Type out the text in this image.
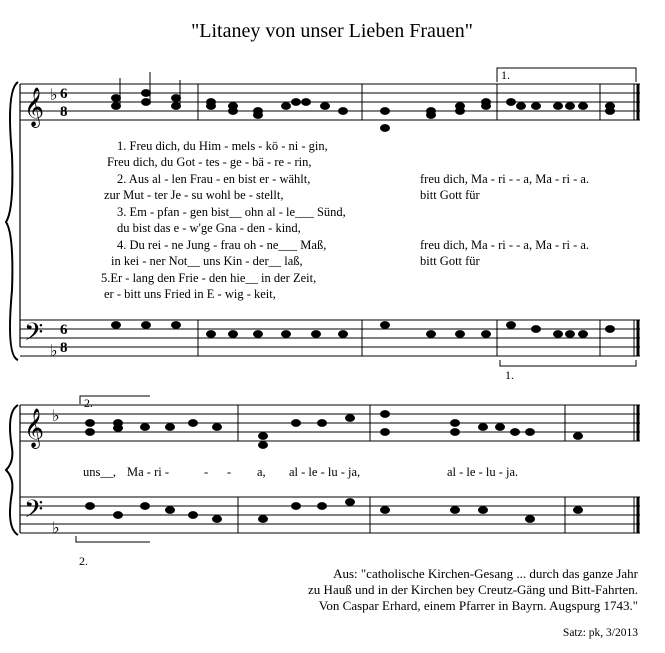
"Litaney von unser Lieben Frauen"
𝄞 ♭ 6
8
1.
1. Freu dich, du Him - mels - kö - ni - gin,
Freu dich, du Got - tes - ge - bä - re - rin,
2. Aus al - len Frau - en bist er - wählt,	freu dich, Ma - ri - - a, Ma - ri - a.
zur Mut - ter Je - su wohl be - stellt,	bitt Gott für
3. Em - pfan - gen bist__ ohn al - le___ Sünd,
du bist das e - w'ge Gna - den - kind,
4. Du rei - ne Jung - frau oh - ne___ Maß,	freu dich, Ma - ri - - a, Ma - ri - a.
in kei - ner Not__ uns Kin - der__ laß,	bitt Gott für
5.Er - lang den Frie - den hie__ in der Zeit,
er - bitt uns Fried in E - wig - keit,
𝄢 ♭
6
8
1.
𝄞 ♭
2.
uns__, Ma - ri -	- - a, al - le - lu - ja,	al - le - lu - ja.
𝄢 ♭
2.
Aus: "catholische Kirchen-Gesang ... durch das ganze Jahr
zu Hauß und in der Kirchen bey Creutz-Gäng und Bitt-Fahrten.
Von Caspar Erhard, einem Pfarrer in Bayrn. Augspurg 1743."
Satz: pk, 3/2013
